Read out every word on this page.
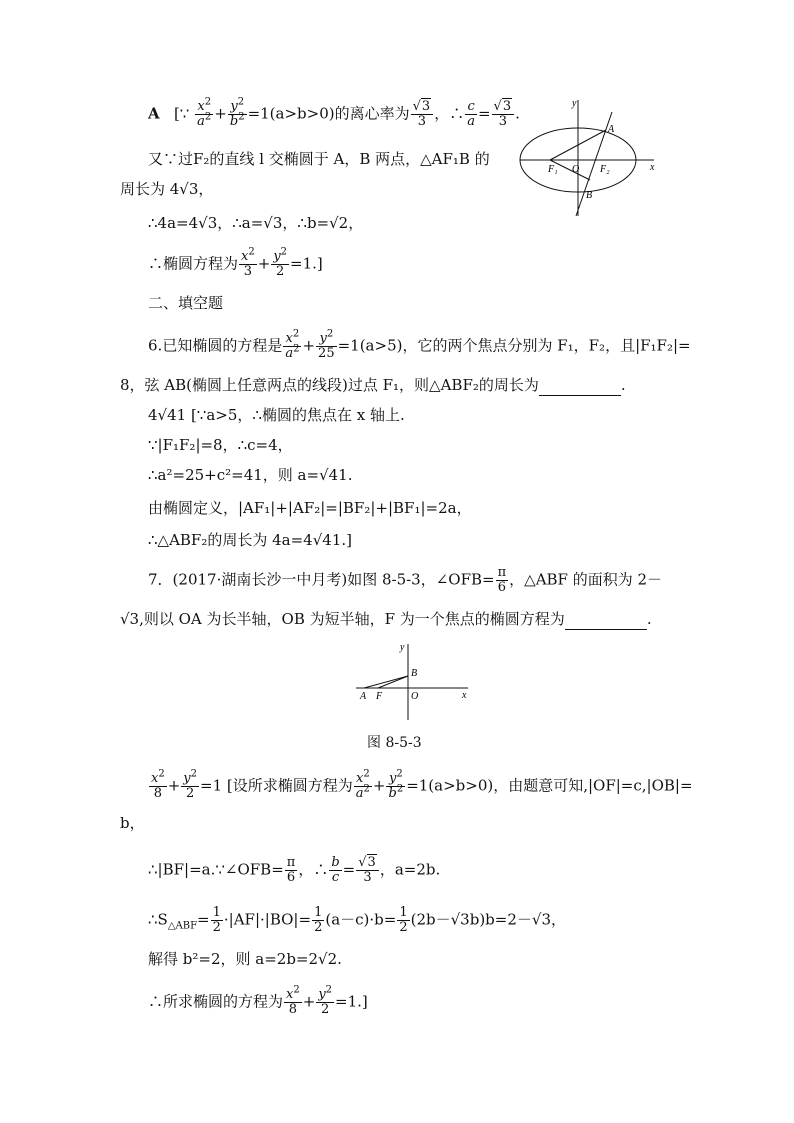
A [∵ $\frac{x^2}{a^2} + \frac{y^2}{b^2} =1(a>b>0)$的离心率为 $\frac{√3}{3}$ ，∴ $\frac{c}{a} = \frac{√3}{3}$ .
又∵过F₂的直线 l 交椭圆于 A，B 两点，△AF₁B 的
周长为 4√3，
∴4a=4√3，∴a=√3，∴b=√2，
∴椭圆方程为 $\frac{x^2}{3} + \frac{y^2}{2} =1$.]
y
A
F₁ O F₂	x
B
二、填空题
6.已知椭圆的方程是 $\frac{x^2}{a^2} + \frac{y^2}{25} =1(a>5)$，它的两个焦点分别为 F₁，F₂，且|F₁F₂|=
8，弦 AB(椭圆上任意两点的线段)过点 F₁，则△ABF₂的周长为	.
4√41 [∵a>5，∴椭圆的焦点在 x 轴上.
∵|F₁F₂|=8，∴c=4，
∴a²=25+c²=41，则 a=√41.
由椭圆定义，|AF₁|+|AF₂|=|BF₂|+|BF₁|=2a，
∴△ABF₂的周长为 4a=4√41.]
7．(2017·湖南长沙一中月考)如图 8-5-3，∠OFB= $\frac{\pi}{6}$ ，△ABF 的面积为 2－
√3,则以 OA 为长半轴，OB 为短半轴，F 为一个焦点的椭圆方程为	.
y
B
A F	O	x
图 8-5-3
$\frac{x^2}{8} + \frac{y^2}{2} =1$ [设所求椭圆方程为 $\frac{x^2}{a^2} + \frac{y^2}{b^2} =1(a>b>0)$，由题意可知,|OF|=c,|OB|=
b，
∴|BF|=a.∵∠OFB= $\frac{\pi}{6}$ ，∴ $\frac{b}{c} = \frac{√3}{3}$ ，a=2b.
$\therefore S_{\triangle ABF}= \frac{1}{2} \cdot|AF|\cdot|BO|= \frac{1}{2} (a-c)\cdot b= \frac{1}{2} (2b-√3b)b=2-√3$，
解得 b²=2，则 a=2b=2√2.
∴所求椭圆的方程为 $\frac{x^2}{8} + \frac{y^2}{2} =1$.]
